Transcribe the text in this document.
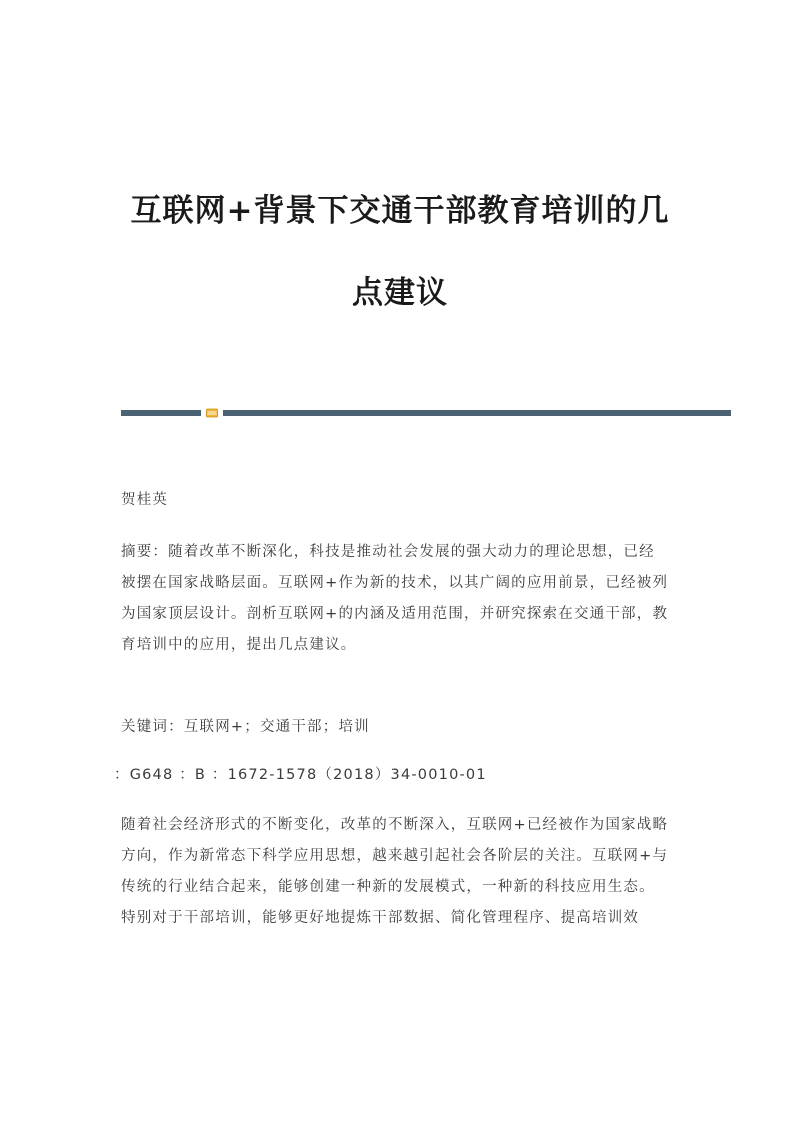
互联网+背景下交通干部教育培训的几
点建议
贺桂英
摘要：随着改革不断深化，科技是推动社会发展的强大动力的理论思想，已经
被摆在国家战略层面。互联网+作为新的技术，以其广阔的应用前景，已经被列
为国家顶层设计。剖析互联网+的内涵及适用范围，并研究探索在交通干部，教
育培训中的应用，提出几点建议。
关键词：互联网+；交通干部；培训
：G648 ：B ：1672-1578（2018）34-0010-01
随着社会经济形式的不断变化，改革的不断深入，互联网+已经被作为国家战略
方向，作为新常态下科学应用思想，越来越引起社会各阶层的关注。互联网+与
传统的行业结合起来，能够创建一种新的发展模式，一种新的科技应用生态。
特别对于干部培训，能够更好地提炼干部数据、简化管理程序、提高培训效
